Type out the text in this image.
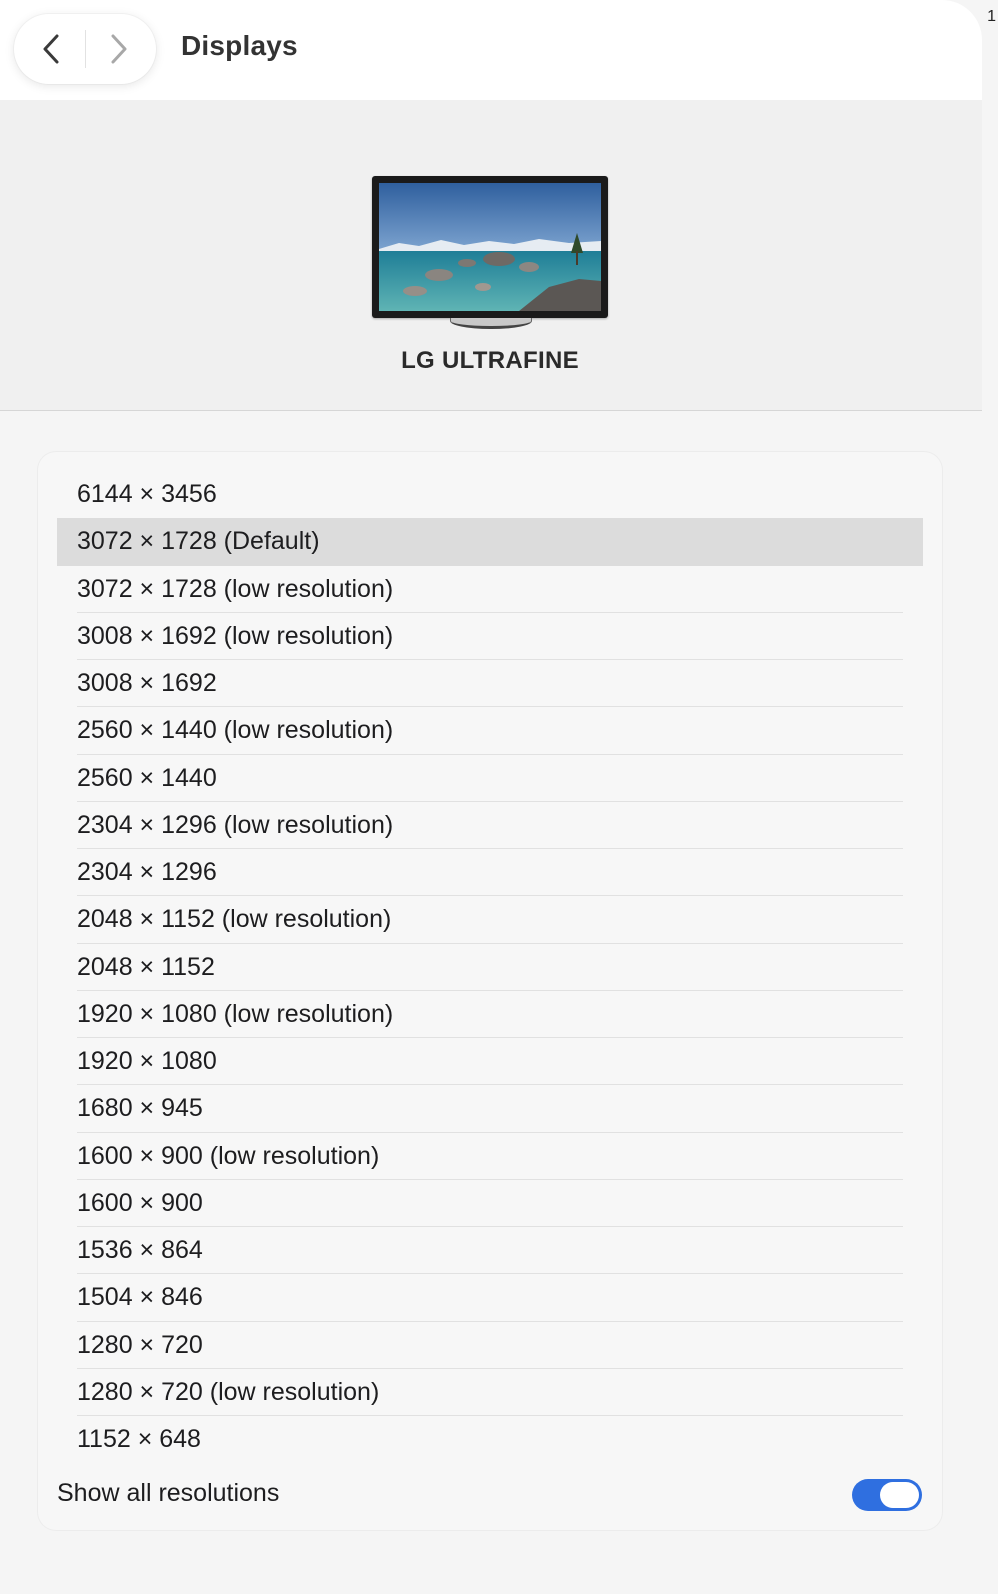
Displays
1
LG ULTRAFINE
6144 × 3456
3072 × 1728 (Default)
3072 × 1728 (low resolution)
3008 × 1692 (low resolution)
3008 × 1692
2560 × 1440 (low resolution)
2560 × 1440
2304 × 1296 (low resolution)
2304 × 1296
2048 × 1152 (low resolution)
2048 × 1152
1920 × 1080 (low resolution)
1920 × 1080
1680 × 945
1600 × 900 (low resolution)
1600 × 900
1536 × 864
1504 × 846
1280 × 720
1280 × 720 (low resolution)
1152 × 648
Show all resolutions
